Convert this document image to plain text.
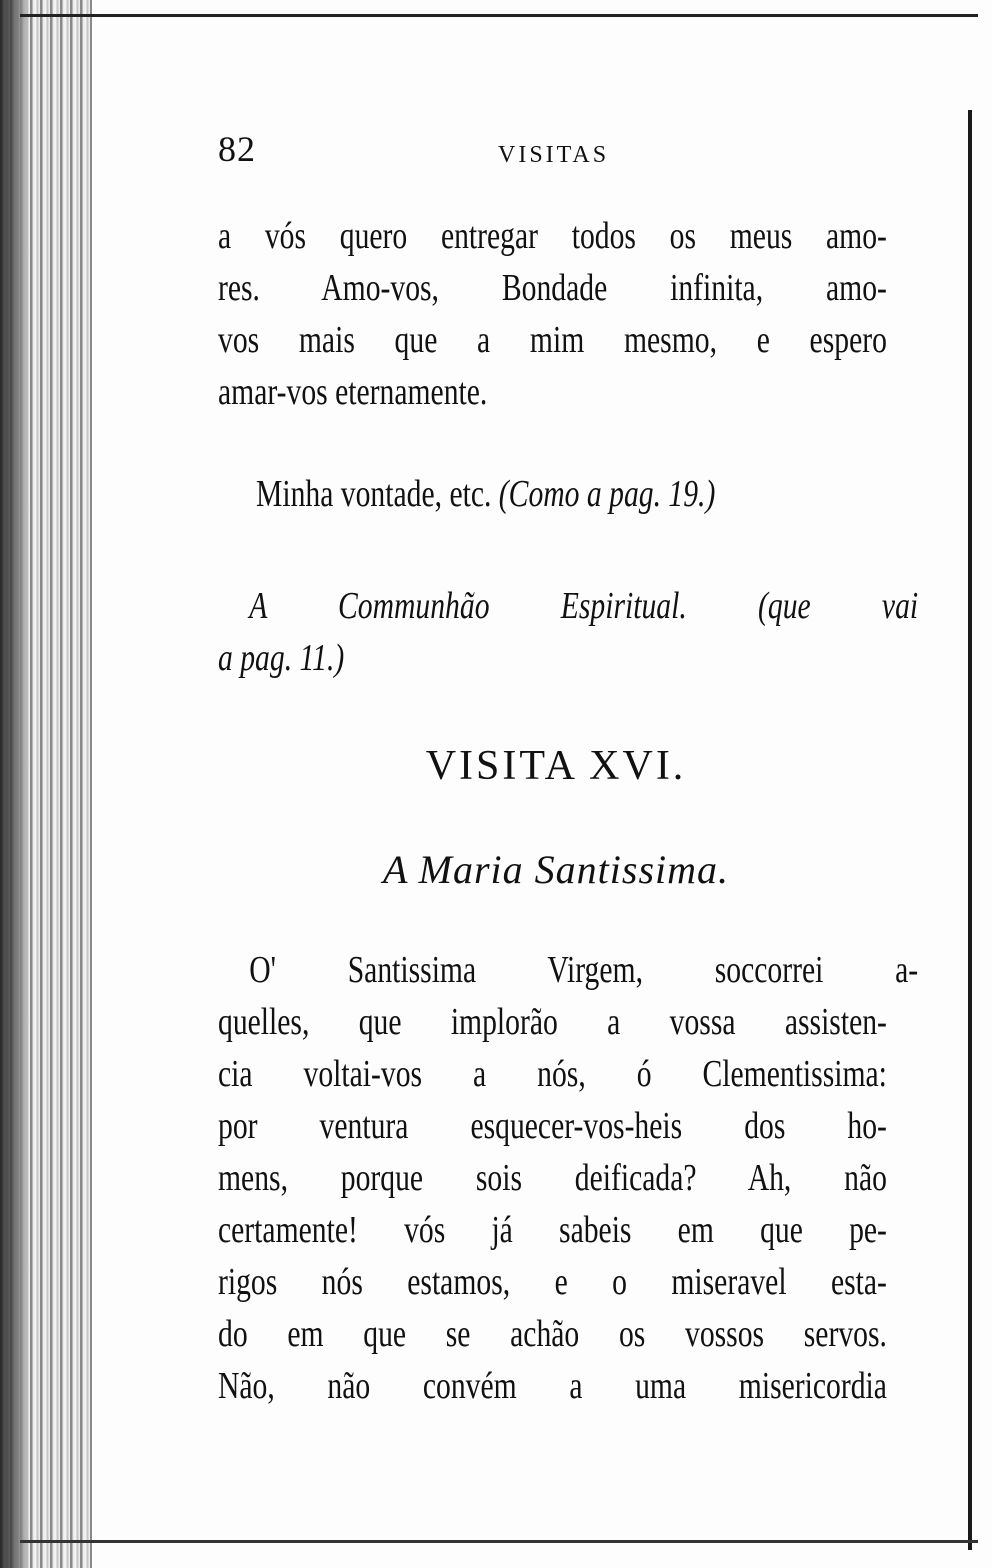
82	VISITAS
a vós quero entregar todos os meus amo-
res. Amo-vos, Bondade infinita, amo-
vos mais que a mim mesmo, e espero
amar-vos eternamente.
Minha vontade, etc. (Como a pag. 19.)
A Communhão Espiritual. (que vai
a pag. 11.)
VISITA XVI.
A Maria Santissima.
O' Santissima Virgem, soccorrei a-
quelles, que implorão a vossa assisten-
cia voltai-vos a nós, ó Clementissima:
por ventura esquecer-vos-heis dos ho-
mens, porque sois deificada? Ah, não
certamente! vós já sabeis em que pe-
rigos nós estamos, e o miseravel esta-
do em que se achão os vossos servos.
Não, não convém a uma misericordia
